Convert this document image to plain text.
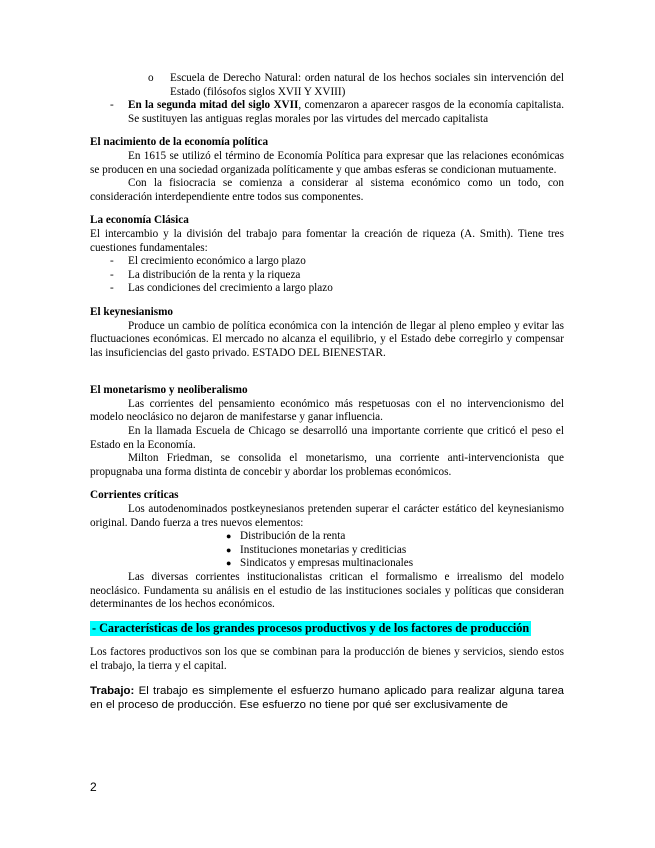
o Escuela de Derecho Natural: orden natural de los hechos sociales sin intervención del Estado (filósofos siglos XVII Y XVIII)
- En la segunda mitad del siglo XVII, comenzaron a aparecer rasgos de la economía capitalista. Se sustituyen las antiguas reglas morales por las virtudes del mercado capitalista

El nacimiento de la economía política

En 1615 se utilizó el término de Economía Política para expresar que las relaciones económicas se producen en una sociedad organizada políticamente y que ambas esferas se condicionan mutuamente.

Con la fisiocracia se comienza a considerar al sistema económico como un todo, con consideración interdependiente entre todos sus componentes.

La economía Clásica

El intercambio y la división del trabajo para fomentar la creación de riqueza (A. Smith). Tiene tres cuestiones fundamentales:

- El crecimiento económico a largo plazo
- La distribución de la renta y la riqueza
- Las condiciones del crecimiento a largo plazo

El keynesianismo

Produce un cambio de política económica con la intención de llegar al pleno empleo y evitar las fluctuaciones económicas. El mercado no alcanza el equilibrio, y el Estado debe corregirlo y compensar las insuficiencias del gasto privado. ESTADO DEL BIENESTAR.

El monetarismo y neoliberalismo

Las corrientes del pensamiento económico más respetuosas con el no intervencionismo del modelo neoclásico no dejaron de manifestarse y ganar influencia.

En la llamada Escuela de Chicago se desarrolló una importante corriente que criticó el peso el Estado en la Economía.

Milton Friedman, se consolida el monetarismo, una corriente anti-intervencionista que propugnaba una forma distinta de concebir y abordar los problemas económicos.

Corrientes críticas

Los autodenominados postkeynesianos pretenden superar el carácter estático del keynesianismo original. Dando fuerza a tres nuevos elementos:

● Distribución de la renta
● Instituciones monetarias y crediticias
● Sindicatos y empresas multinacionales

Las diversas corrientes institucionalistas critican el formalismo e irrealismo del modelo neoclásico. Fundamenta su análisis en el estudio de las instituciones sociales y políticas que consideran determinantes de los hechos económicos.

- Características de los grandes procesos productivos y de los factores de producción

Los factores productivos son los que se combinan para la producción de bienes y servicios, siendo estos el trabajo, la tierra y el capital.

Trabajo: El trabajo es simplemente el esfuerzo humano aplicado para realizar alguna tarea en el proceso de producción. Ese esfuerzo no tiene por qué ser exclusivamente de

2
